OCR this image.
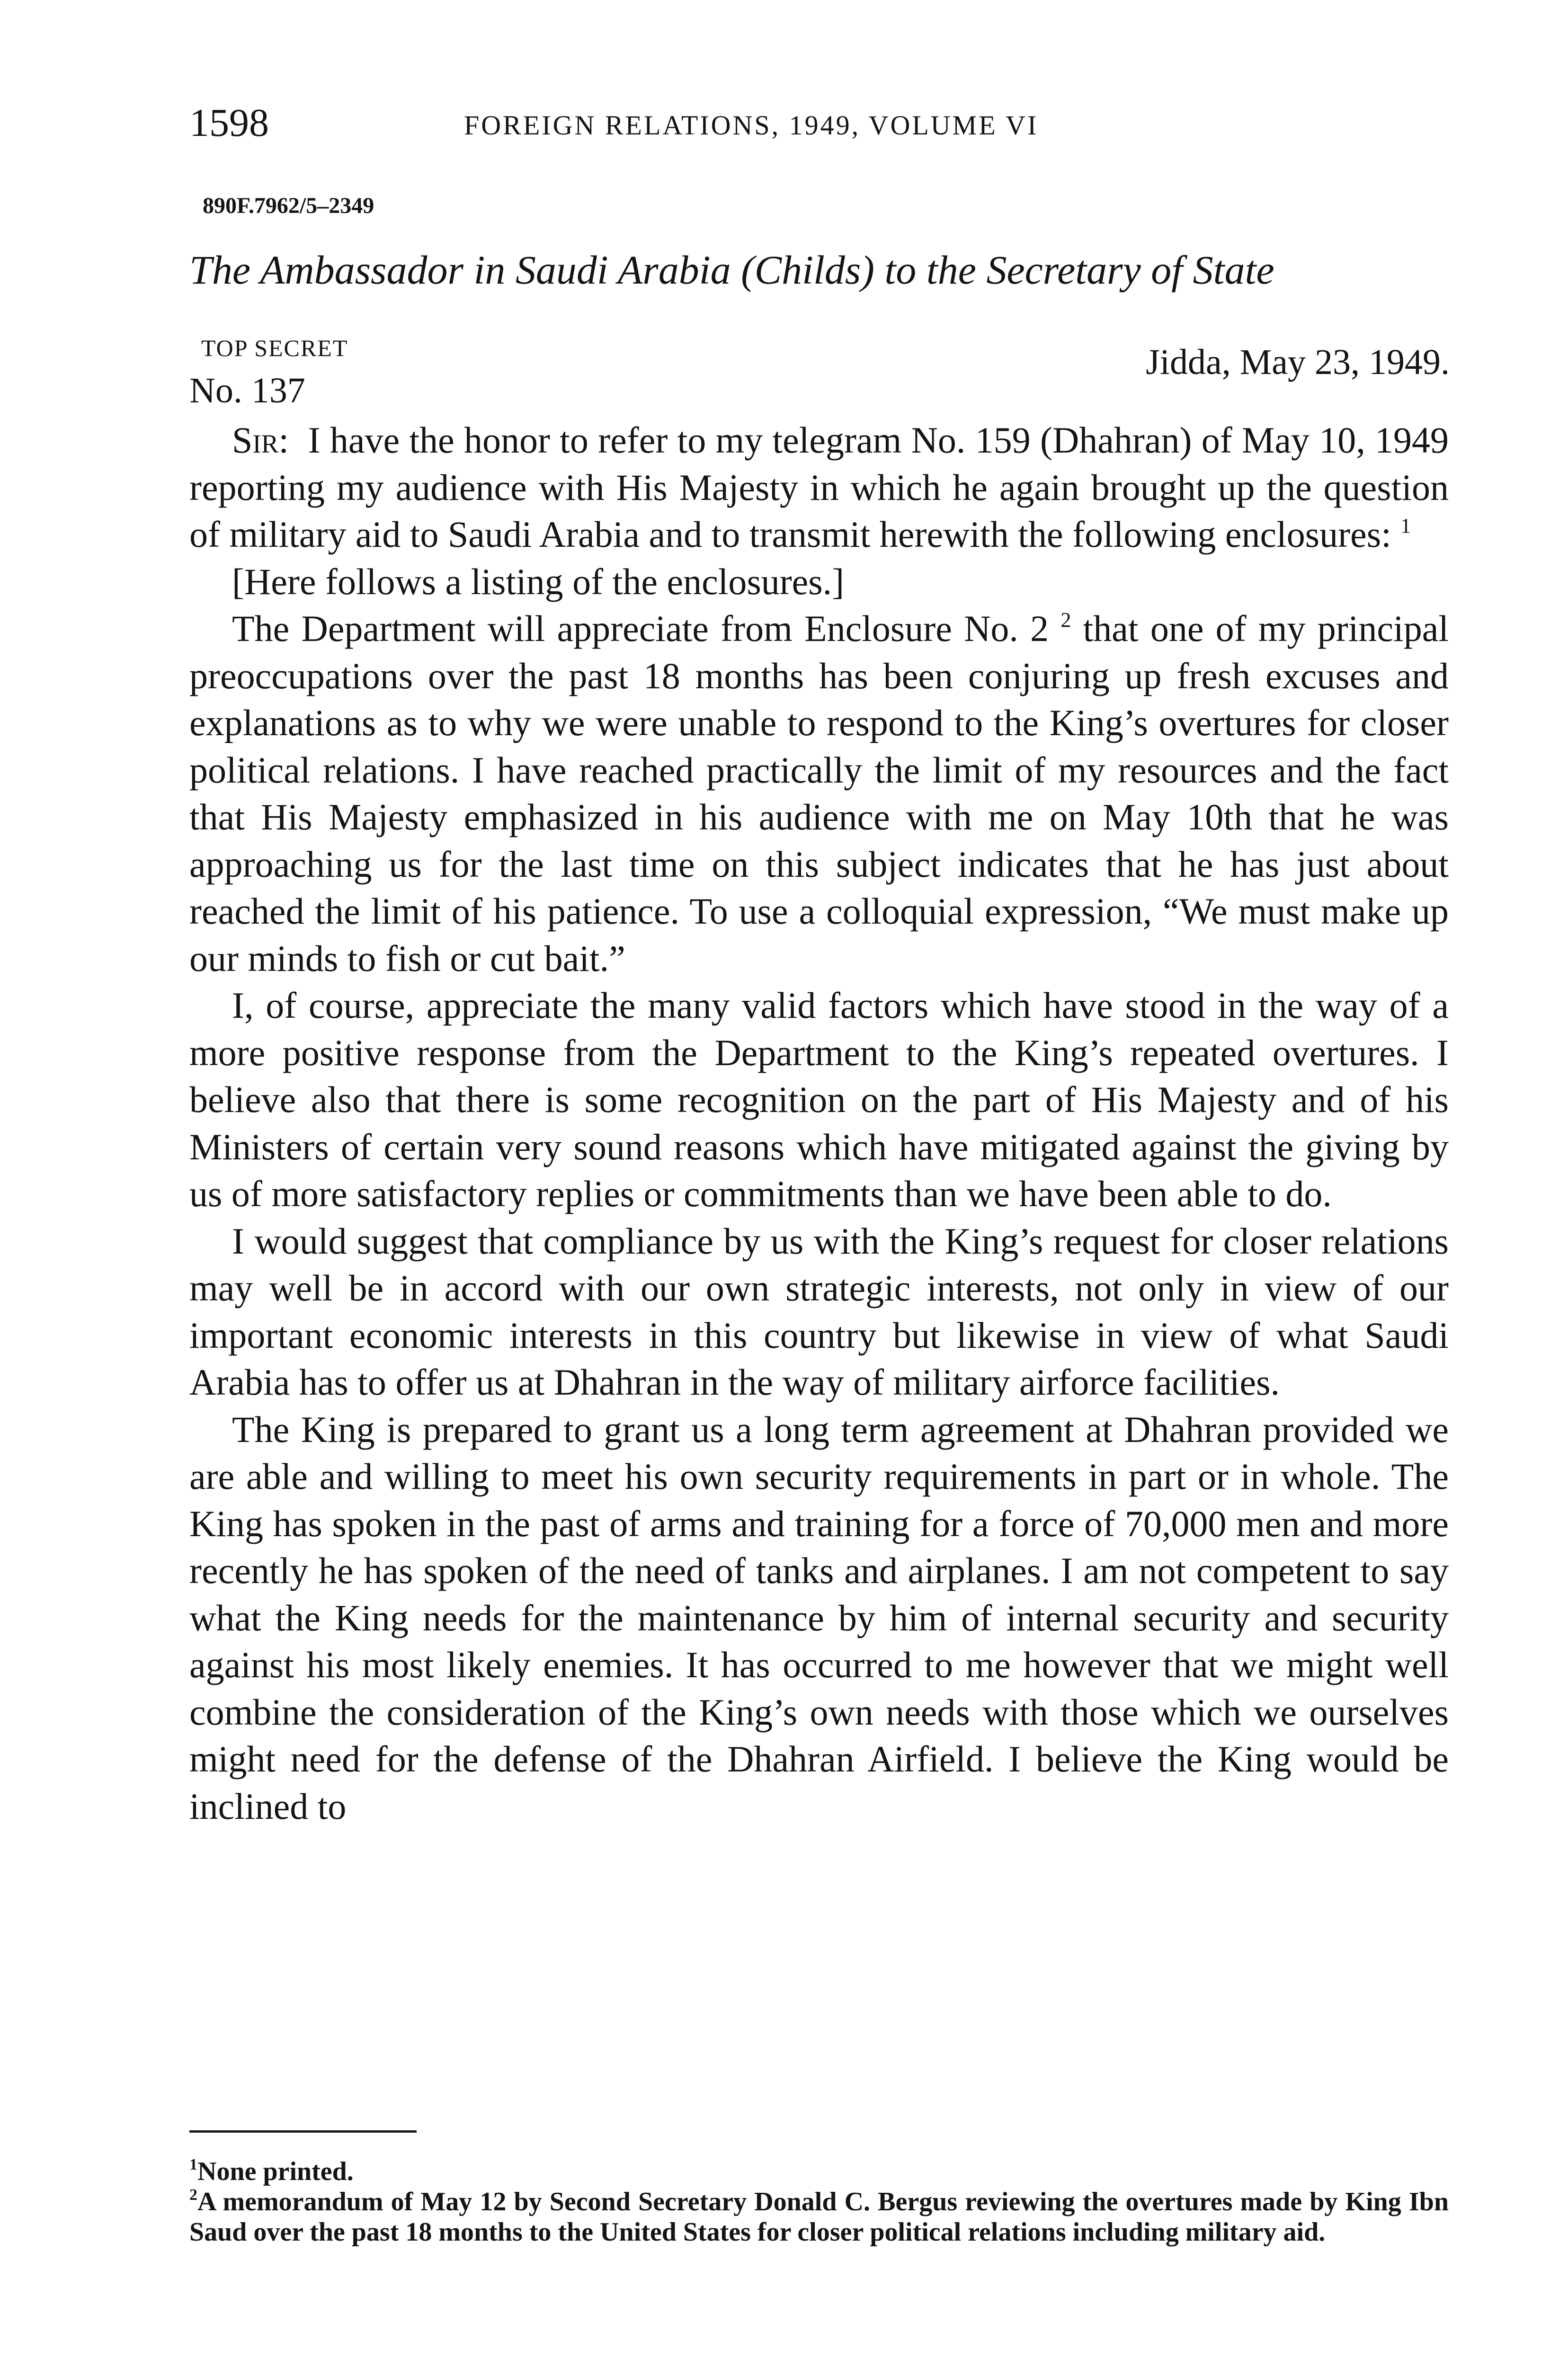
1598	FOREIGN RELATIONS, 1949, VOLUME VI
890F.7962/5–2349
The Ambassador in Saudi Arabia (Childs) to the Secretary of State
TOP SECRET
No. 137
Jidda, May 23, 1949.

Sir: I have the honor to refer to my telegram No. 159 (Dhahran) of May 10, 1949 reporting my audience with His Majesty in which he again brought up the question of military aid to Saudi Arabia and to transmit herewith the following enclosures: $^1$

[Here follows a listing of the enclosures.]

The Department will appreciate from Enclosure No. 2 $^2$ that one of my principal preoccupations over the past 18 months has been conjuring up fresh excuses and explanations as to why we were unable to respond to the King’s overtures for closer political relations. I have reached practically the limit of my resources and the fact that His Majesty emphasized in his audience with me on May 10th that he was approaching us for the last time on this subject indicates that he has just about reached the limit of his patience. To use a colloquial expression, “We must make up our minds to fish or cut bait.”

I, of course, appreciate the many valid factors which have stood in the way of a more positive response from the Department to the King’s repeated overtures. I believe also that there is some recognition on the part of His Majesty and of his Ministers of certain very sound reasons which have mitigated against the giving by us of more satisfactory replies or commitments than we have been able to do.

I would suggest that compliance by us with the King’s request for closer relations may well be in accord with our own strategic interests, not only in view of our important economic interests in this country but likewise in view of what Saudi Arabia has to offer us at Dhahran in the way of military airforce facilities.

The King is prepared to grant us a long term agreement at Dhahran provided we are able and willing to meet his own security requirements in part or in whole. The King has spoken in the past of arms and training for a force of 70,000 men and more recently he has spoken of the need of tanks and airplanes. I am not competent to say what the King needs for the maintenance by him of internal security and security against his most likely enemies. It has occurred to me however that we might well combine the consideration of the King’s own needs with those which we ourselves might need for the defense of the Dhahran Airfield. I believe the King would be inclined to

$^1$None printed.

$^2$A memorandum of May 12 by Second Secretary Donald C. Bergus reviewing the overtures made by King Ibn Saud over the past 18 months to the United States for closer political relations including military aid.
